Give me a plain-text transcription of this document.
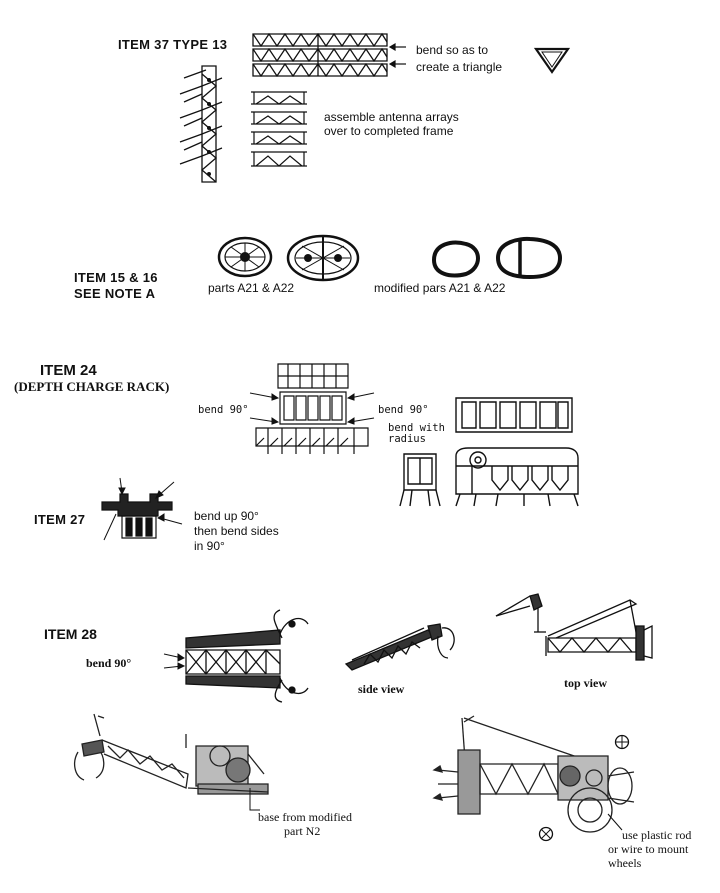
ITEM 37 TYPE 13	bend so as to
create a triangle
assemble antenna arrays
over to completed frame
ITEM 15 & 16
SEE NOTE A	parts A21 & A22	modified pars A21 & A22
ITEM 24
(DEPTH CHARGE RACK)
bend 90°	bend 90°
bend with
radius
ITEM 27	bend up 90°
then bend sides
in 90°
ITEM 28
bend 90°
side view	top view
base from modified
part N2	use plastic rod
or wire to mount
wheels
